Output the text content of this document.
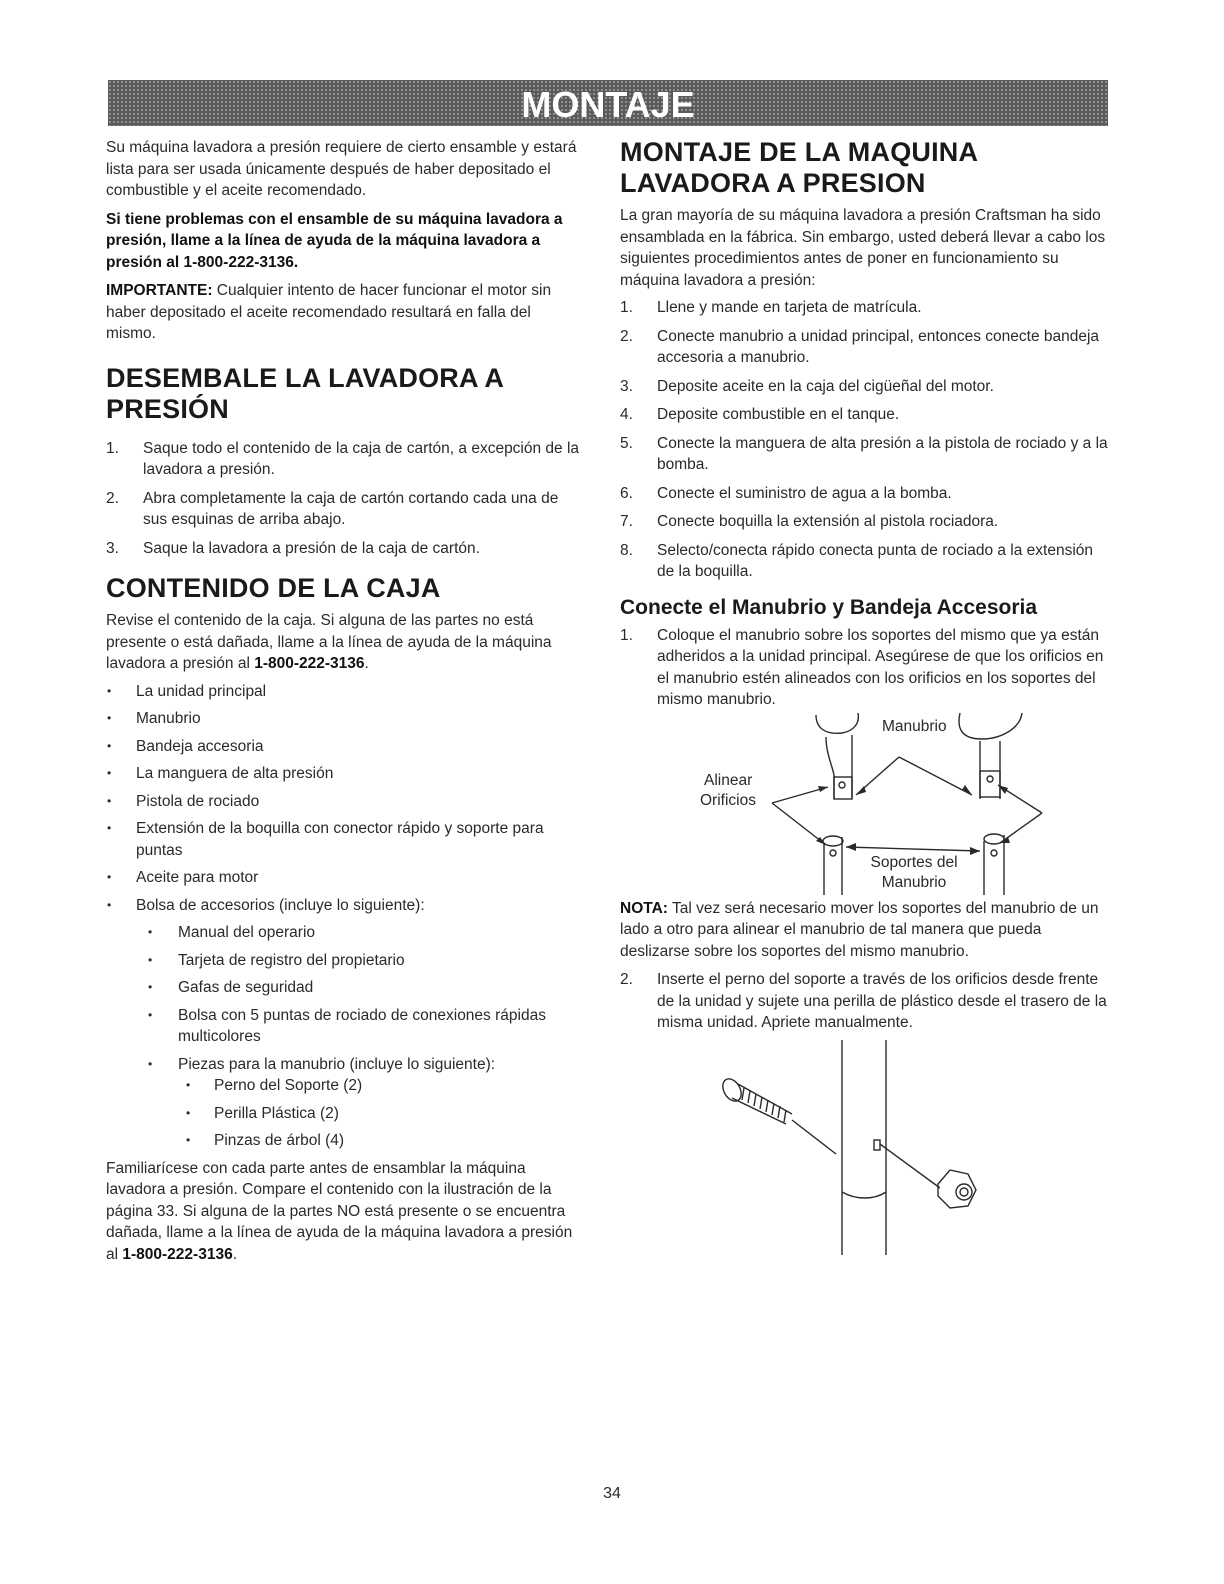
MONTAJE

Su máquina lavadora a presión requiere de cierto ensamble y estará lista para ser usada únicamente después de haber depositado el combustible y el aceite recomendado.

Si tiene problemas con el ensamble de su máquina lavadora a presión, llame a la línea de ayuda de la máquina lavadora a presión al 1-800-222-3136.

IMPORTANTE: Cualquier intento de hacer funcionar el motor sin haber depositado el aceite recomendado resultará en falla del mismo.

DESEMBALE LA LAVADORA A PRESIÓN
1. Saque todo el contenido de la caja de cartón, a excepción de la lavadora a presión.
2. Abra completamente la caja de cartón cortando cada una de sus esquinas de arriba abajo.
3. Saque la lavadora a presión de la caja de cartón.
CONTENIDO DE LA CAJA

Revise el contenido de la caja. Si alguna de las partes no está presente o está dañada, llame a la línea de ayuda de la máquina lavadora a presión al 1-800-222-3136.

• La unidad principal
• Manubrio
• Bandeja accesoria
• La manguera de alta presión
• Pistola de rociado
• Extensión de la boquilla con conector rápido y soporte para puntas
• Aceite para motor
• Bolsa de accesorios (incluye lo siguiente):
• Manual del operario
• Tarjeta de registro del propietario
• Gafas de seguridad
• Bolsa con 5 puntas de rociado de conexiones rápidas multicolores
• Piezas para la manubrio (incluye lo siguiente):
• Perno del Soporte (2)
• Perilla Plástica (2)
• Pinzas de árbol (4)

Familiarícese con cada parte antes de ensamblar la máquina lavadora a presión. Compare el contenido con la ilustración de la página 33. Si alguna de la partes NO está presente o se encuentra dañada, llame a la línea de ayuda de la máquina lavadora a presión al 1-800-222-3136.

MONTAJE DE LA MAQUINA LAVADORA A PRESION

La gran mayoría de su máquina lavadora a presión Craftsman ha sido ensamblada en la fábrica. Sin embargo, usted deberá llevar a cabo los siguientes procedimientos antes de poner en funcionamiento su máquina lavadora a presión:

1. Llene y mande en tarjeta de matrícula.
2. Conecte manubrio a unidad principal, entonces conecte bandeja accesoria a manubrio.
3. Deposite aceite en la caja del cigüeñal del motor.
4. Deposite combustible en el tanque.
5. Conecte la manguera de alta presión a la pistola de rociado y a la bomba.
6. Conecte el suministro de agua a la bomba.
7. Conecte boquilla la extensión al pistola rociadora.
8. Selecto/conecta rápido conecta punta de rociado a la extensión de la boquilla.
Conecte el Manubrio y Bandeja Accesoria
1. Coloque el manubrio sobre los soportes del mismo que ya están adheridos a la unidad principal. Asegúrese de que los orificios en el manubrio estén alineados con los orificios en los soportes del mismo manubrio.
Manubrio
Alinear
Orificios
Soportes del
Manubrio

NOTA: Tal vez será necesario mover los soportes del manubrio de un lado a otro para alinear el manubrio de tal manera que pueda deslizarse sobre los soportes del mismo manubrio.

2. Inserte el perno del soporte a través de los orificios desde frente de la unidad y sujete una perilla de plástico desde el trasero de la misma unidad. Apriete manualmente.
34
